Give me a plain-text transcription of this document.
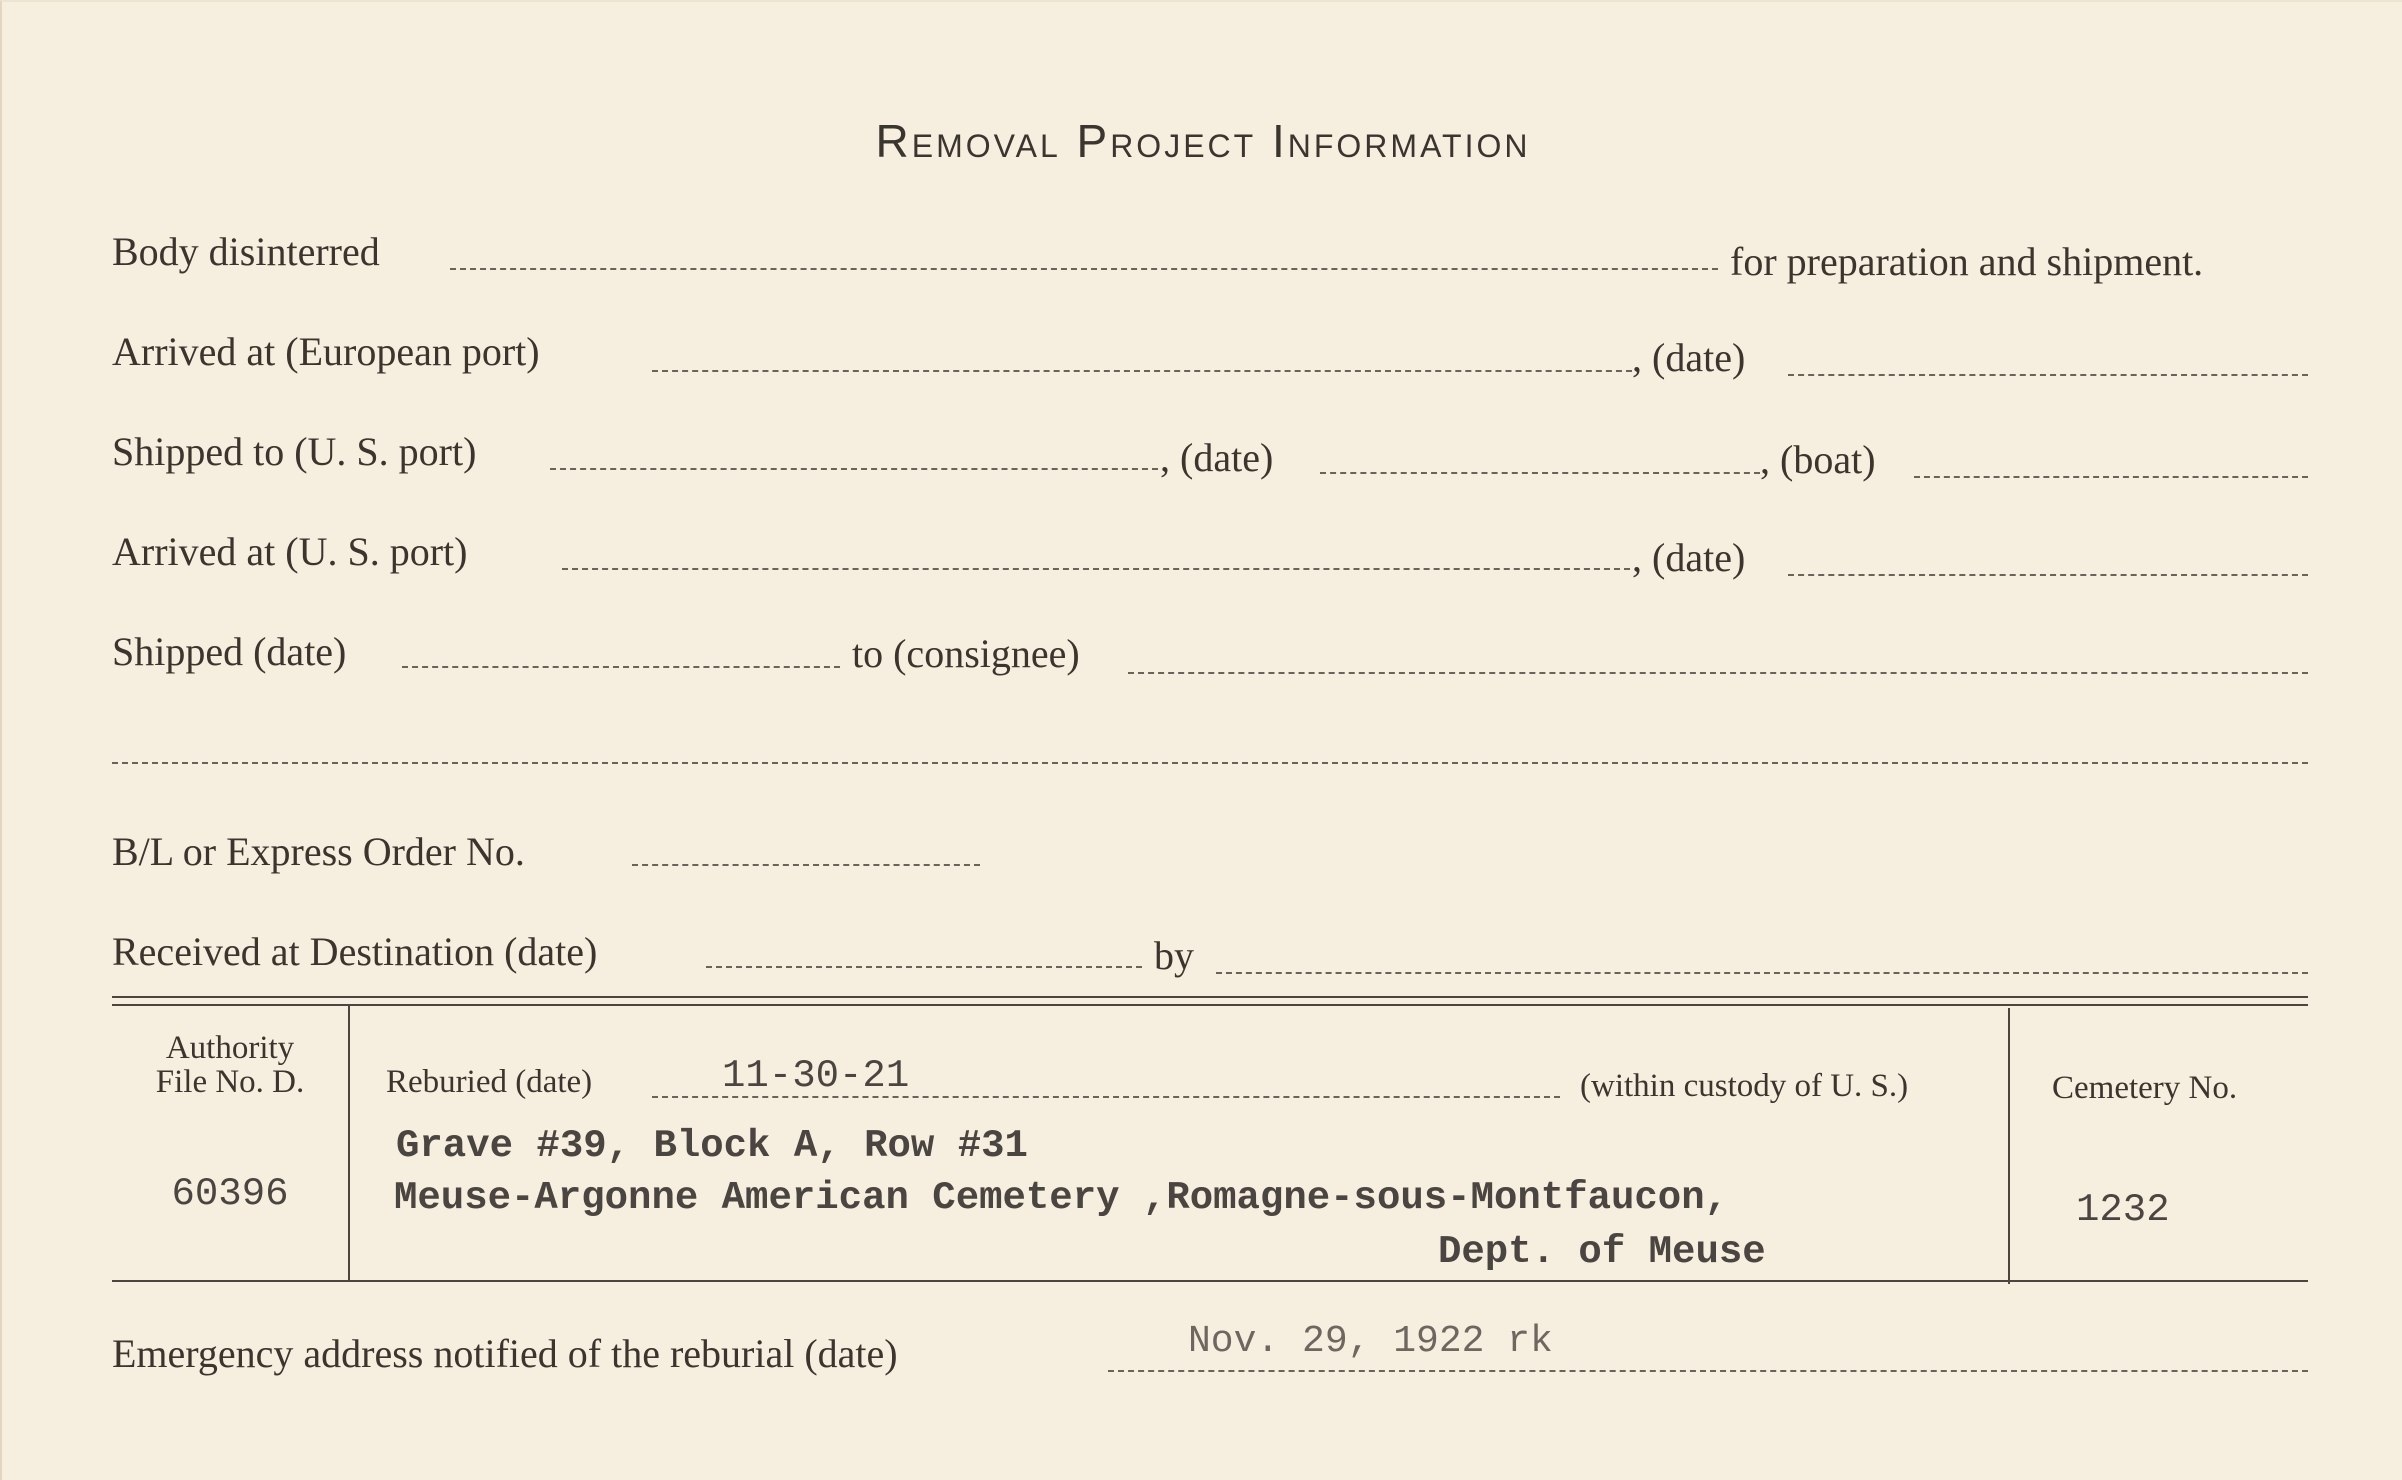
Removal Project Information
Body disinterred	for preparation and shipment.
Arrived at (European port)	, (date)
Shipped to (U. S. port)	, (date)	, (boat)
Arrived at (U. S. port)	, (date)
Shipped (date)	to (consignee)
B/L or Express Order No.
Received at Destination (date)	by
Authority
File No. D.
60396
Reburied (date)	11-30-21	(within custody of U. S.)
Grave #39, Block A, Row #31
Meuse-Argonne American Cemetery ,Romagne-sous-Montfaucon,
Dept. of Meuse
Cemetery No.
1232
Emergency address notified of the reburial (date)	Nov. 29, 1922 rk
